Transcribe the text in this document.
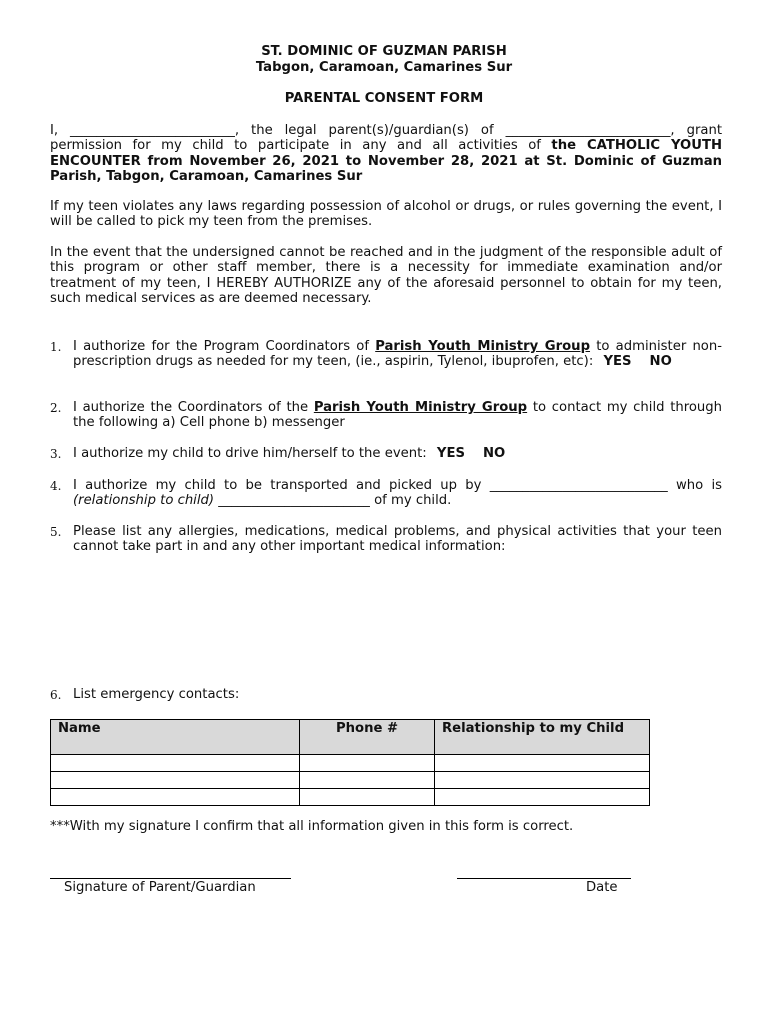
ST. DOMINIC OF GUZMAN PARISH
Tabgon, Caramoan, Camarines Sur
PARENTAL CONSENT FORM

I, _________________________, the legal parent(s)/guardian(s) of _________________________, grant permission for my child to participate in any and all activities of the CATHOLIC YOUTH ENCOUNTER from November 26, 2021 to November 28, 2021 at St. Dominic of Guzman Parish, Tabgon, Caramoan, Camarines Sur

If my teen violates any laws regarding possession of alcohol or drugs, or rules governing the event, I will be called to pick my teen from the premises.

In the event that the undersigned cannot be reached and in the judgment of the responsible adult of this program or other staff member, there is a necessity for immediate examination and/or treatment of my teen, I HEREBY AUTHORIZE any of the aforesaid personnel to obtain for my teen, such medical services as are deemed necessary.

1. I authorize for the Program Coordinators of Parish Youth Ministry Group to administer non-prescription drugs as needed for my teen, (ie., aspirin, Tylenol, ibuprofen, etc): YES NO
2. I authorize the Coordinators of the Parish Youth Ministry Group to contact my child through the following a) Cell phone b) messenger
3. I authorize my child to drive him/herself to the event: YES NO
4. I authorize my child to be transported and picked up by ___________________________ who is (relationship to child) _______________________ of my child.
5. Please list any allergies, medications, medical problems, and physical activities that your teen cannot take part in and any other important medical information:
6. List emergency contacts:
Name	Phone #	Relationship to my Child

***With my signature I confirm that all information given in this form is correct.
Signature of Parent/Guardian	Date
